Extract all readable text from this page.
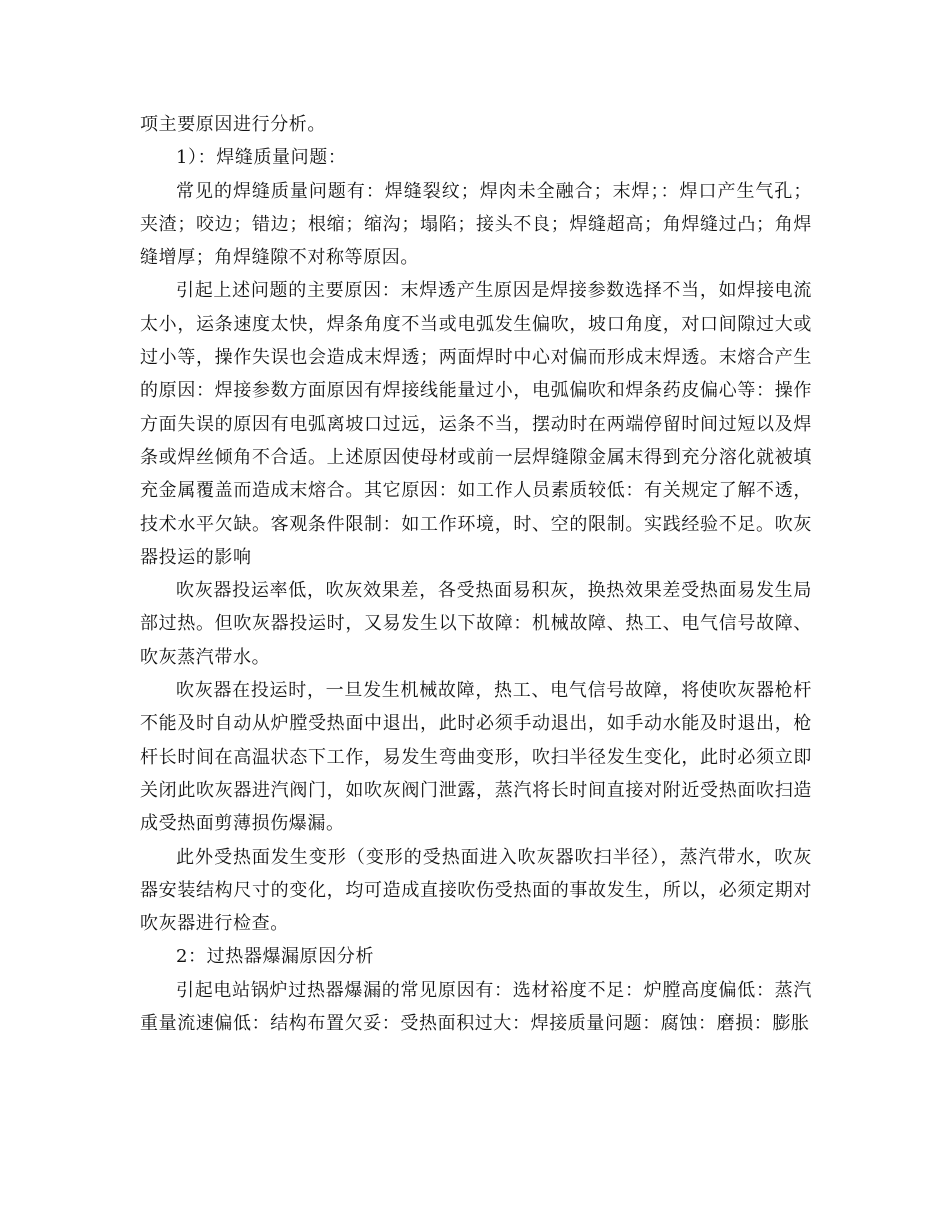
项主要原因进行分析。

1）：焊缝质量问题：

常见的焊缝质量问题有：焊缝裂纹；焊肉未全融合；末焊；：焊口产生气孔；夹渣；咬边；错边；根缩；缩沟；塌陷；接头不良；焊缝超高；角焊缝过凸；角焊缝增厚；角焊缝隙不对称等原因。

引起上述问题的主要原因：末焊透产生原因是焊接参数选择不当，如焊接电流太小，运条速度太快，焊条角度不当或电弧发生偏吹，坡口角度，对口间隙过大或过小等，操作失误也会造成末焊透；两面焊时中心对偏而形成末焊透。末熔合产生的原因：焊接参数方面原因有焊接线能量过小，电弧偏吹和焊条药皮偏心等：操作方面失误的原因有电弧离坡口过远，运条不当，摆动时在两端停留时间过短以及焊条或焊丝倾角不合适。上述原因使母材或前一层焊缝隙金属末得到充分溶化就被填充金属覆盖而造成末熔合。其它原因：如工作人员素质较低：有关规定了解不透，技术水平欠缺。客观条件限制：如工作环境，时、空的限制。实践经验不足。吹灰器投运的影响

吹灰器投运率低，吹灰效果差，各受热面易积灰，换热效果差受热面易发生局部过热。但吹灰器投运时，又易发生以下故障：机械故障、热工、电气信号故障、吹灰蒸汽带水。

吹灰器在投运时，一旦发生机械故障，热工、电气信号故障，将使吹灰器枪杆不能及时自动从炉膛受热面中退出，此时必须手动退出，如手动水能及时退出，枪杆长时间在高温状态下工作，易发生弯曲变形，吹扫半径发生变化，此时必须立即关闭此吹灰器进汽阀门，如吹灰阀门泄露，蒸汽将长时间直接对附近受热面吹扫造成受热面剪薄损伤爆漏。

此外受热面发生变形（变形的受热面进入吹灰器吹扫半径），蒸汽带水，吹灰器安装结构尺寸的变化，均可造成直接吹伤受热面的事故发生，所以，必须定期对吹灰器进行检查。

2：过热器爆漏原因分析

引起电站锅炉过热器爆漏的常见原因有：选材裕度不足：炉膛高度偏低：蒸汽重量流速偏低：结构布置欠妥：受热面积过大：焊接质量问题：腐蚀：磨损：膨胀
